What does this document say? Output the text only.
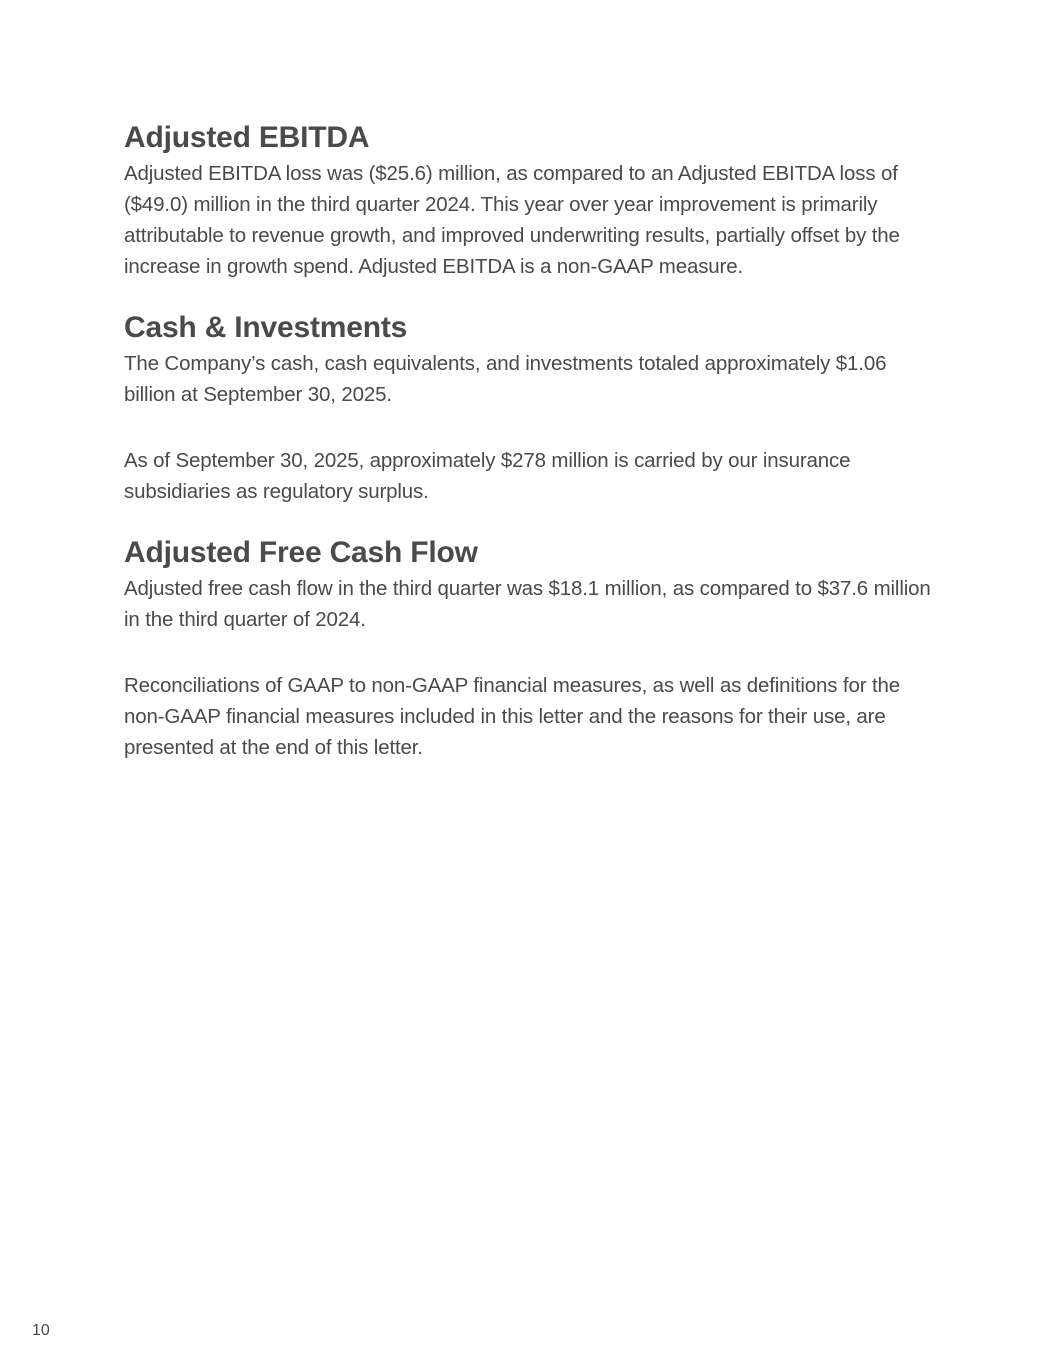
Adjusted EBITDA

Adjusted EBITDA loss was ($25.6) million, as compared to an Adjusted EBITDA loss of ($49.0) million in the third quarter 2024. This year over year improvement is primarily attributable to revenue growth, and improved underwriting results, partially offset by the increase in growth spend. Adjusted EBITDA is a non-GAAP measure.

Cash & Investments

The Company’s cash, cash equivalents, and investments totaled approximately $1.06 billion at September 30, 2025.

As of September 30, 2025, approximately $278 million is carried by our insurance subsidiaries as regulatory surplus.

Adjusted Free Cash Flow

Adjusted free cash flow in the third quarter was $18.1 million, as compared to $37.6 million in the third quarter of 2024.

Reconciliations of GAAP to non-GAAP financial measures, as well as definitions for the non-GAAP financial measures included in this letter and the reasons for their use, are presented at the end of this letter.

10
